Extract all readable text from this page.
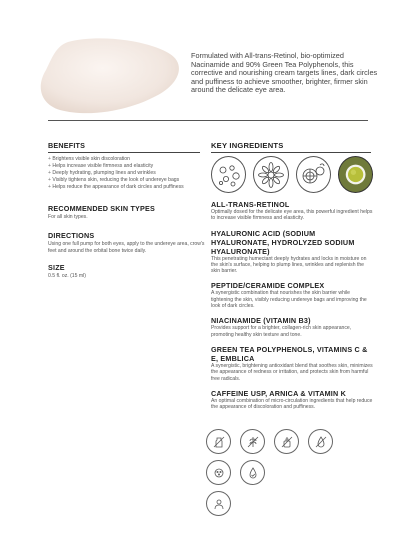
Formulated with All-trans-Retinol, bio-optimized Nacinamide and 90% Green Tea Polyphenols, this corrective and nourishing cream targets lines, dark circles and puffiness to achieve smoother, brighter, firmer skin around the delicate eye area.

BENEFITS
+ Brightens visible skin discoloration
+ Helps increase visible firmness and elasticity
+ Deeply hydrating, plumping lines and wrinkles
+ Visibly tightens skin, reducing the look of undereye bags
+ Helps reduce the appearance of dark circles and puffiness
RECOMMENDED SKIN TYPES
For all skin types.
DIRECTIONS
Using one full pump for both eyes, apply to the undereye area, crow's feet and around the orbital bone twice daily.
SIZE
0.5 fl. oz. (15 ml)
KEY INGREDIENTS
ALL-TRANS-RETINOL
Optimally dosed for the delicate eye area, this powerful ingredient helps to increase visible firmness and elasticity.
HYALURONIC ACID (SODIUM HYALURONATE, HYDROLYZED SODIUM HYALURONATE)
This penetrating humectant deeply hydrates and locks in moisture on the skin's surface, helping to plump lines, wrinkles and replenish the skin barrier.
PEPTIDE/CERAMIDE COMPLEX
A synergistic combination that nourishes the skin barrier while tightening the skin, visibly reducing undereye bags and improving the look of dark circles.
NIACINAMIDE (VITAMIN B3)
Provides support for a brighter, collagen-rich skin appearance, promoting healthy skin texture and tone.
GREEN TEA POLYPHENOLS, VITAMINS C & E, EMBLICA
A synergistic, brightening antioxidant blend that soothes skin, minimizes the appearance of redness or irritation, and protects skin from harmful free radicals.
CAFFEINE USP, ARNICA & VITAMIN K
An optimal combination of micro-circulation ingredients that help reduce the appearance of discoloration and puffiness.
